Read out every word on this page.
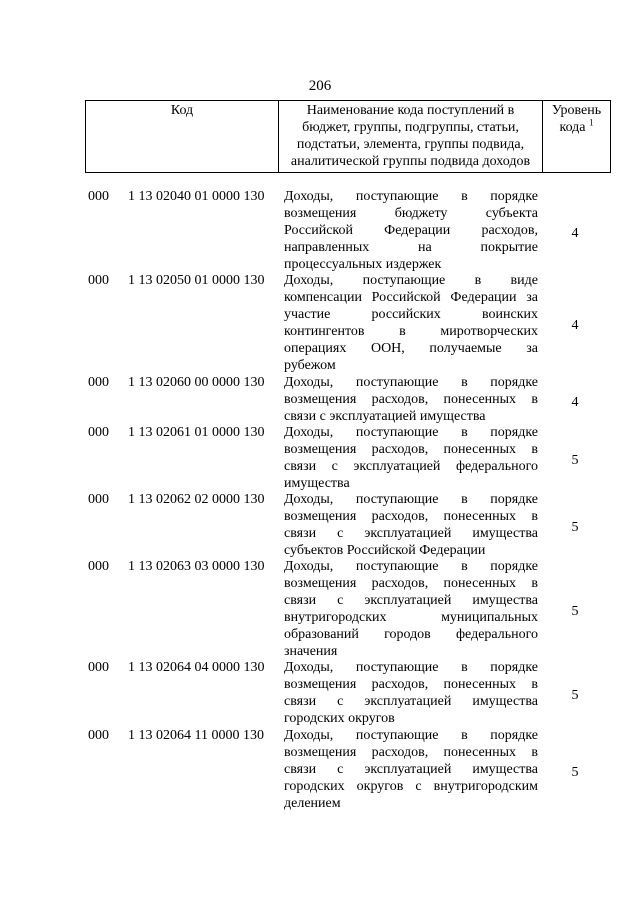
206
Код	Наименование кода поступлений в
бюджет, группы, подгруппы, статьи,
подстатьи, элемента, группы подвида,
аналитической группы подвида доходов
Уровень
кода $^1$
000 1 13 02040 01 0000 130 Доходы, поступающие в порядке
возмещения бюджету субъекта
Российской Федерации расходов,
направленных на покрытие
процессуальных издержек
4
000 1 13 02050 01 0000 130 Доходы, поступающие в виде
компенсации Российской Федерации за
участие российских воинских
контингентов в миротворческих
операциях ООН, получаемые за
рубежом
4
000 1 13 02060 00 0000 130 Доходы, поступающие в порядке
возмещения расходов, понесенных в
связи с эксплуатацией имущества
4
000 1 13 02061 01 0000 130 Доходы, поступающие в порядке
возмещения расходов, понесенных в
связи с эксплуатацией федерального
имущества
5
000 1 13 02062 02 0000 130 Доходы, поступающие в порядке
возмещения расходов, понесенных в
связи с эксплуатацией имущества
субъектов Российской Федерации
5
000 1 13 02063 03 0000 130 Доходы, поступающие в порядке
возмещения расходов, понесенных в
связи с эксплуатацией имущества
внутригородских муниципальных
образований городов федерального
значения
5
000 1 13 02064 04 0000 130 Доходы, поступающие в порядке
возмещения расходов, понесенных в
связи с эксплуатацией имущества
городских округов
5
000 1 13 02064 11 0000 130 Доходы, поступающие в порядке
возмещения расходов, понесенных в
связи с эксплуатацией имущества
городских округов с внутригородским
делением
5
